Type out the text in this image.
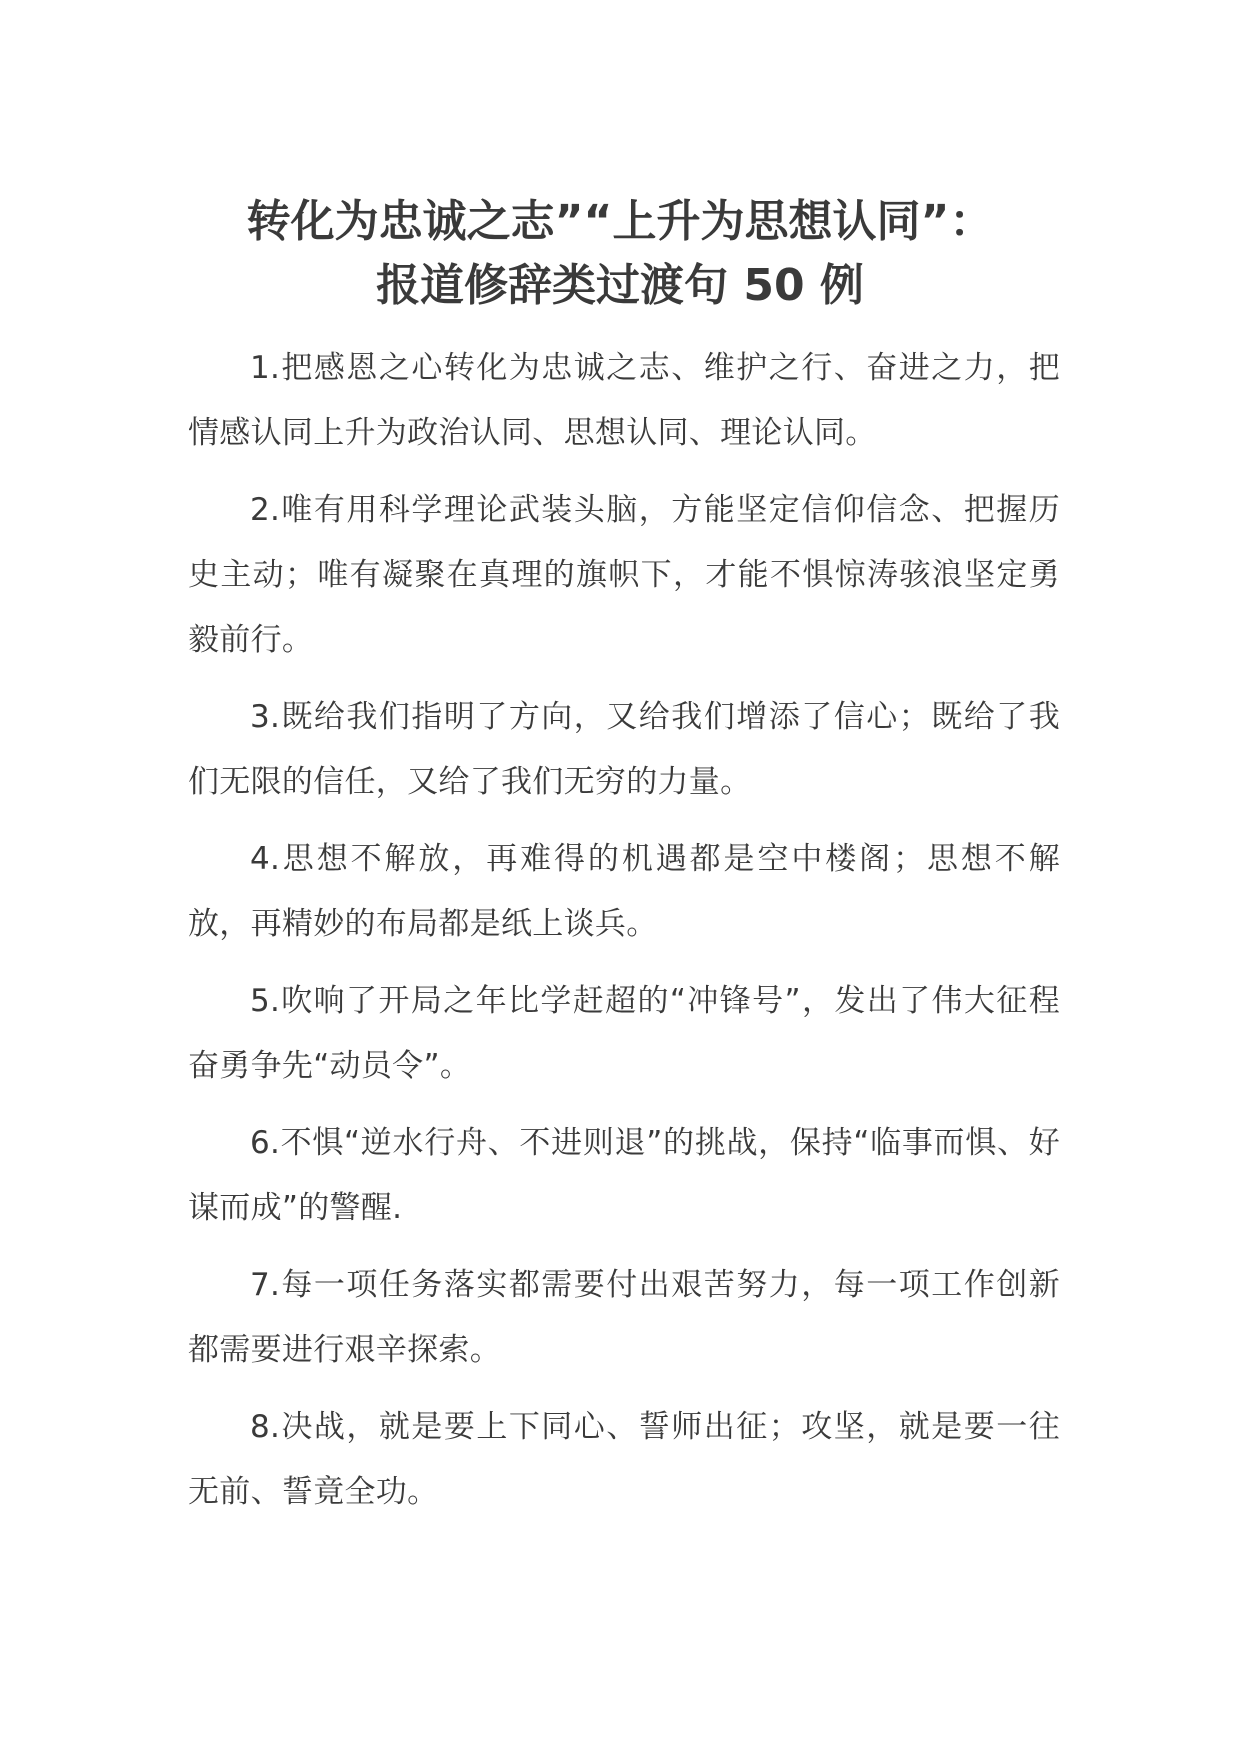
转化为忠诚之志”“上升为思想认同”：
报道修辞类过渡句 50 例

1.把感恩之心转化为忠诚之志、维护之行、奋进之力，把情感认同上升为政治认同、思想认同、理论认同。

2.唯有用科学理论武装头脑，方能坚定信仰信念、把握历史主动；唯有凝聚在真理的旗帜下，才能不惧惊涛骇浪坚定勇毅前行。

3.既给我们指明了方向，又给我们增添了信心；既给了我们无限的信任，又给了我们无穷的力量。

4.思想不解放，再难得的机遇都是空中楼阁；思想不解放，再精妙的布局都是纸上谈兵。

5.吹响了开局之年比学赶超的“冲锋号”，发出了伟大征程奋勇争先“动员令”。

6.不惧“逆水行舟、不进则退”的挑战，保持“临事而惧、好谋而成”的警醒.

7.每一项任务落实都需要付出艰苦努力，每一项工作创新都需要进行艰辛探索。

8.决战，就是要上下同心、誓师出征；攻坚，就是要一往无前、誓竟全功。
